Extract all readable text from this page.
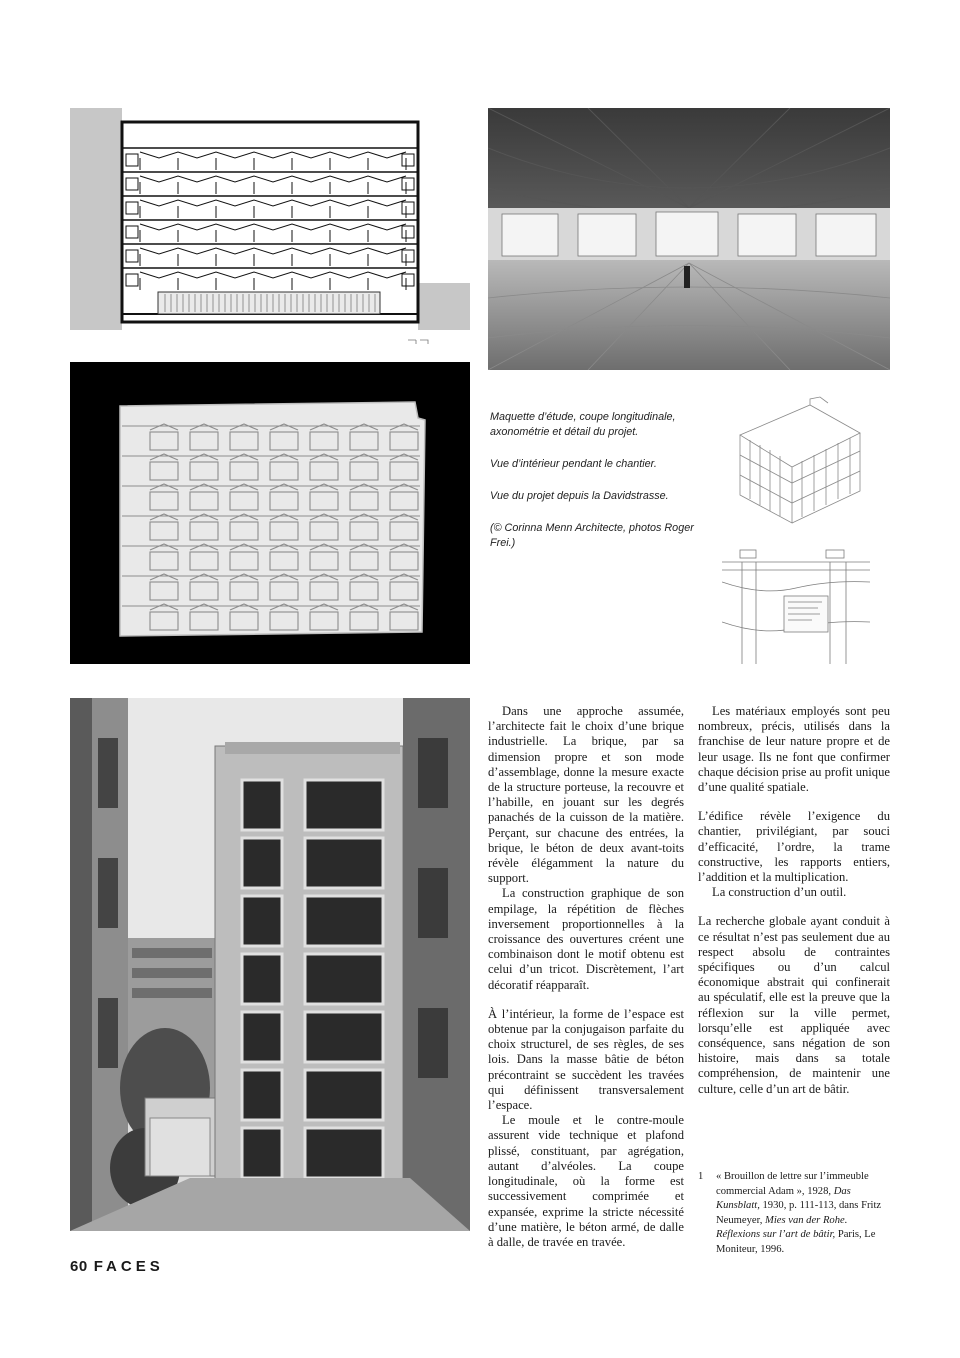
Maquette d’étude, coupe longitudinale, axonométrie et détail du projet.

Vue d’intérieur pendant le chantier.

Vue du projet depuis la Davidstrasse.

(© Corinna Menn Architecte, photos Roger Frei.)

Dans une approche assumée, l’architecte fait le choix d’une brique industrielle. La brique, par sa dimension propre et son mode d’assemblage, donne la mesure exacte de la structure porteuse, la recouvre et l’habille, en jouant sur les degrés panachés de la cuisson de la matière. Perçant, sur chacune des entrées, la brique, le béton de deux avant-toits révèle élégamment la nature du support.

La construction graphique de son empilage, la répétition de flèches inversement proportionnelles à la croissance des ouvertures créent une combinaison dont le motif obtenu est celui d’un tricot. Discrètement, l’art décoratif réapparaît.

À l’intérieur, la forme de l’espace est obtenue par la conjugaison parfaite du choix structurel, de ses règles, de ses lois. Dans la masse bâtie de béton précontraint se succèdent les travées qui définissent transversalement l’espace.

Le moule et le contre-moule assurent vide technique et plafond plissé, constituant, par agrégation, autant d’alvéoles. La coupe longitudinale, où la forme est successivement comprimée et expansée, exprime la stricte nécessité d’une matière, le béton armé, de dalle à dalle, de travée en travée.

Les matériaux employés sont peu nombreux, précis, utilisés dans la franchise de leur nature propre et de leur usage. Ils ne font que confirmer chaque décision prise au profit unique d’une qualité spatiale.

L’édifice révèle l’exigence du chantier, privilégiant, par souci d’efficacité, l’ordre, la trame constructive, les rapports entiers, l’addition et la multiplication.

La construction d’un outil.

La recherche globale ayant conduit à ce résultat n’est pas seulement due au respect absolu de contraintes spécifiques ou d’un calcul économique abstrait qui confinerait au spéculatif, elle est la preuve que la réflexion sur la ville permet, lorsqu’elle est appliquée avec conséquence, sans négation de son histoire, mais dans sa totale compréhension, de maintenir une culture, celle d’un art de bâtir.

1 « Brouillon de lettre sur l’immeuble commercial Adam », 1928, Das Kunsblatt, 1930, p. 111-113, dans Fritz Neumeyer, Mies van der Rohe. Réflexions sur l’art de bâtir, Paris, Le Moniteur, 1996.
60 FACES
